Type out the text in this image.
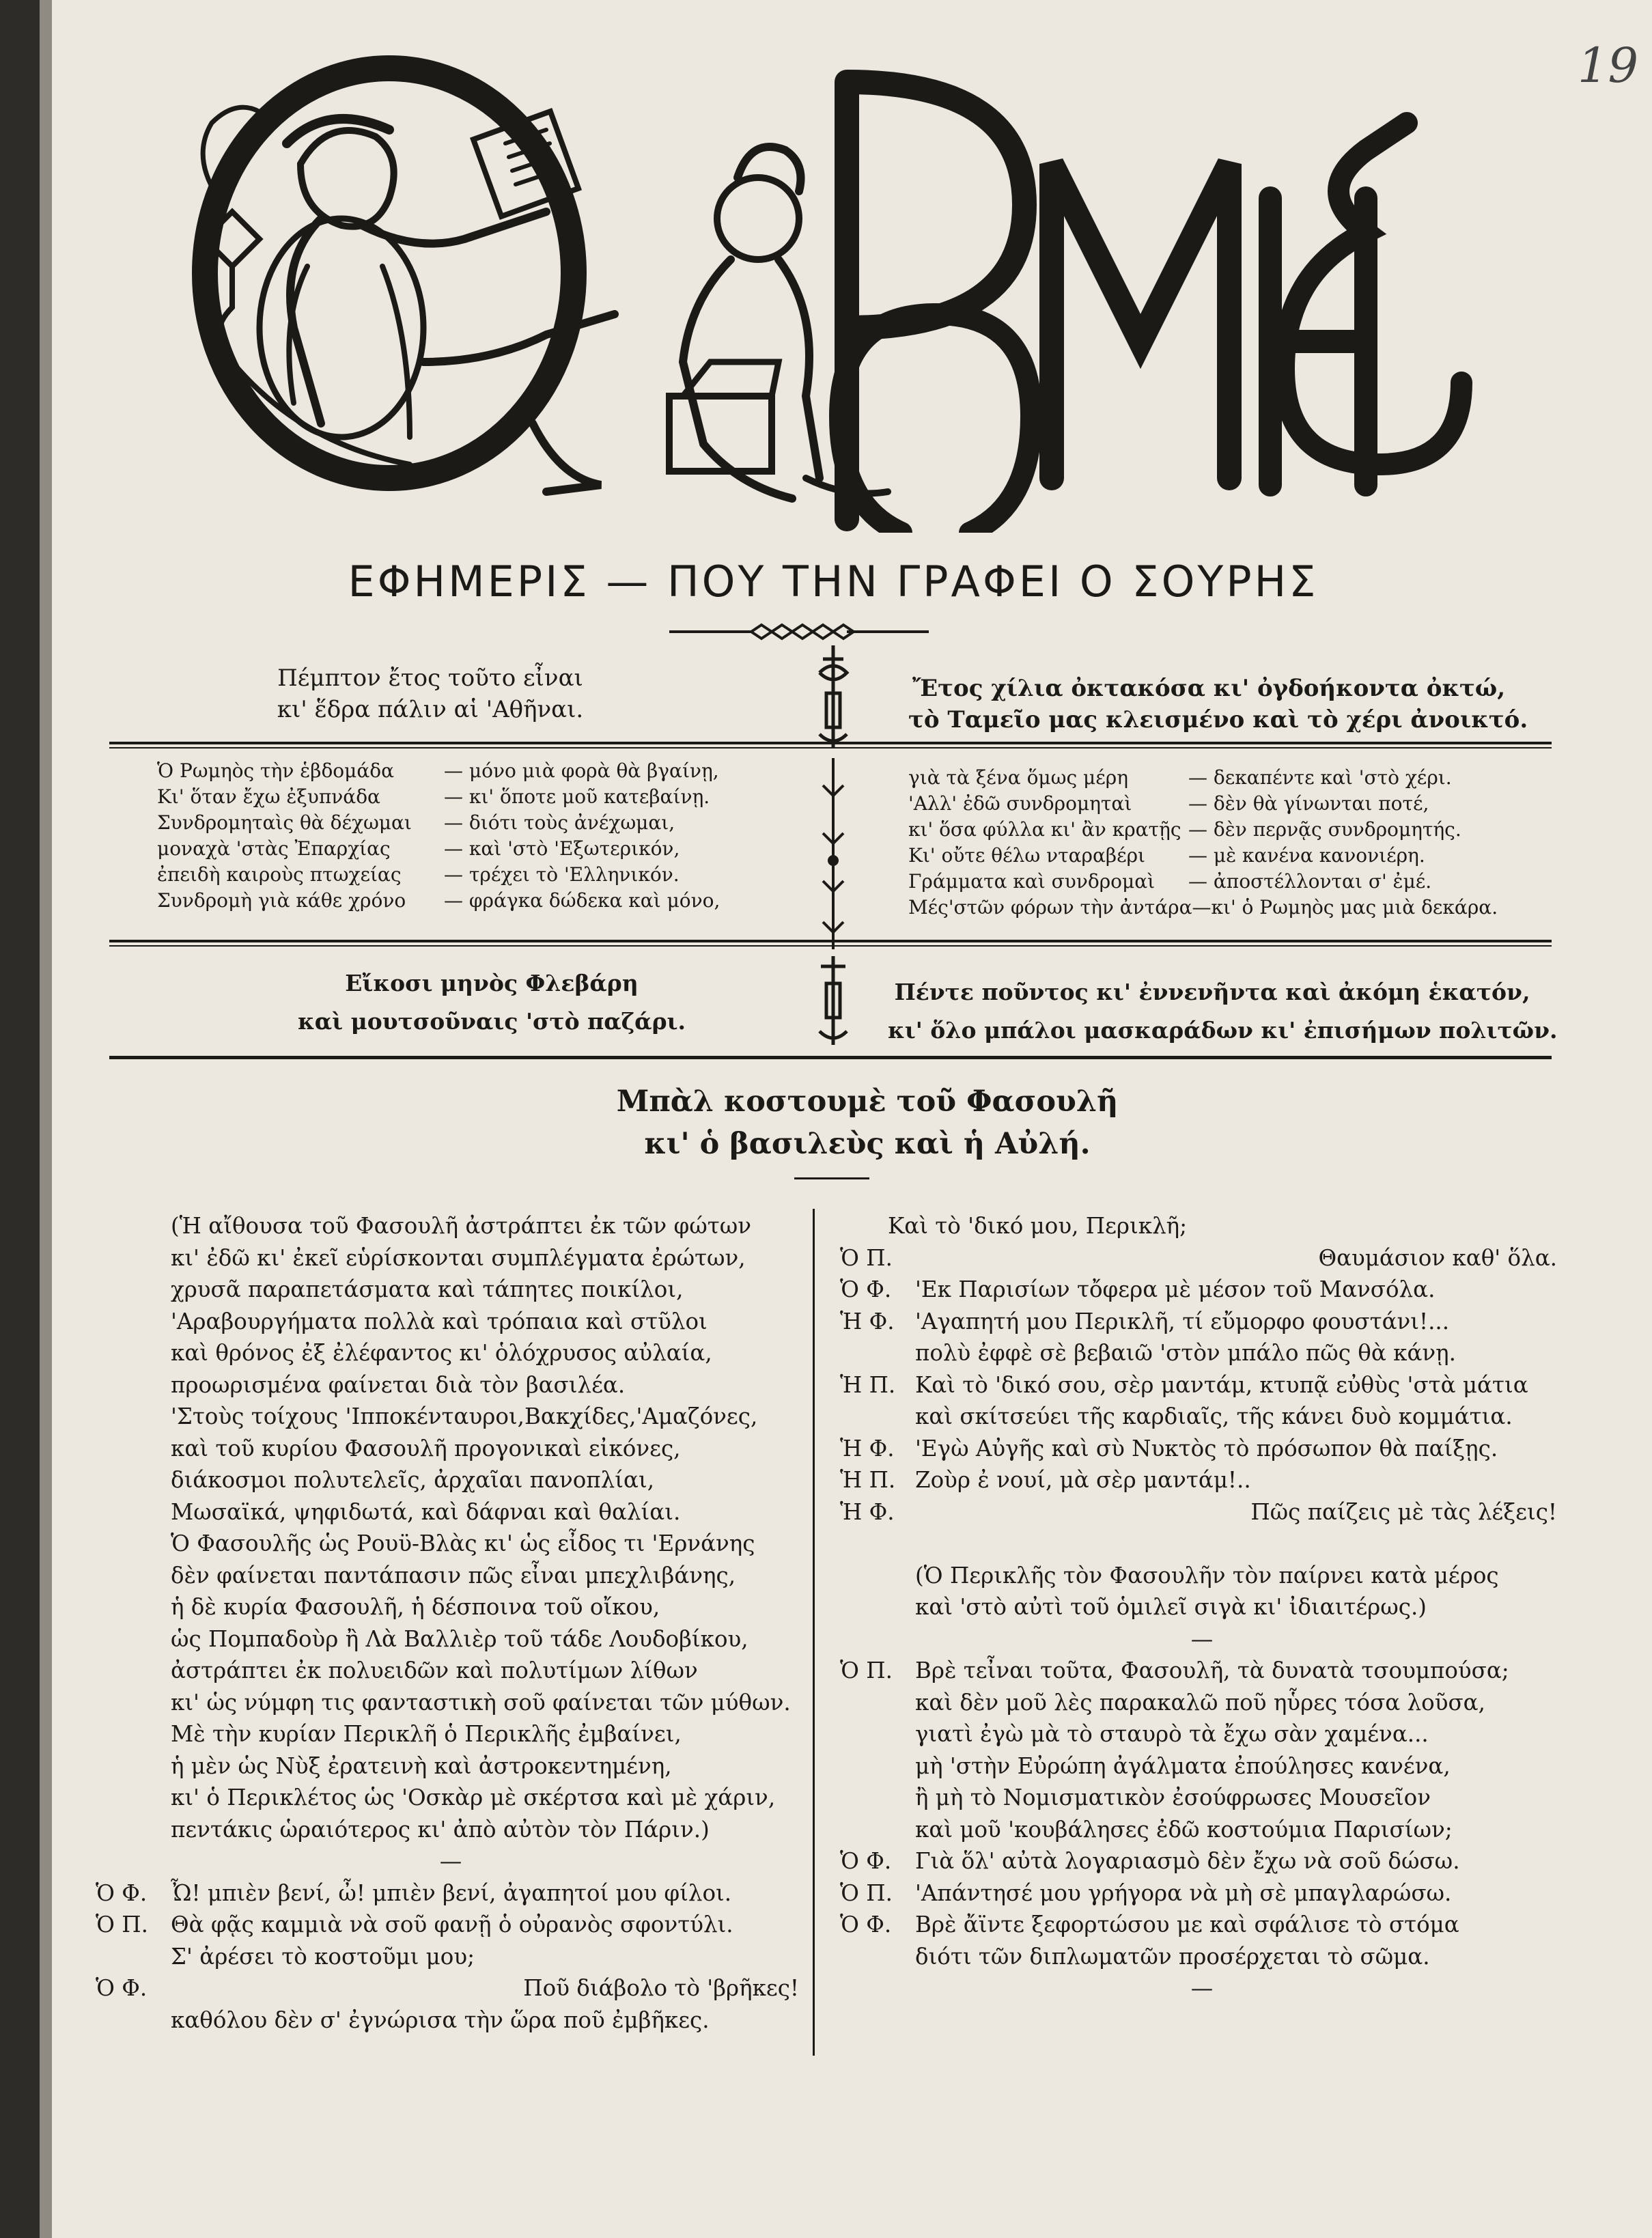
19
ΕΦΗΜΕΡΙΣ — ΠΟΥ ΤΗΝ ΓΡΑΦΕΙ Ο ΣΟΥΡΗΣ
Πέμπτον ἔτος τοῦτο εἶναι
κι' ἕδρα πάλιν αἱ 'Αθῆναι.
Ἔτος χίλια ὀκτακόσα κι' ὀγδοήκοντα ὀκτώ,
τὸ Ταμεῖο μας κλεισμένο καὶ τὸ χέρι ἀνοικτό.
Ὁ Ρωμηὸς τὴν ἑβδομάδα	— μόνο μιὰ φορὰ θὰ βγαίνῃ,
Κι' ὅταν ἔχω ἐξυπνάδα	— κι' ὅποτε μοῦ κατεβαίνῃ.
Συνδρομηταὶς θὰ δέχωμαι — διότι τοὺς ἀνέχωμαι,
μοναχὰ 'στὰς Ἐπαρχίας	— καὶ 'στὸ 'Εξωτερικόν,
ἐπειδὴ καιροὺς πτωχείας — τρέχει τὸ 'Ελληνικόν.
Συνδρομὴ γιὰ κάθε χρόνο — φράγκα δώδεκα καὶ μόνο,
γιὰ τὰ ξένα ὅμως μέρη	— δεκαπέντε καὶ 'στὸ χέρι.
'Αλλ' ἐδῶ συνδρομηταὶ	— δὲν θὰ γίνωνται ποτέ,
κι' ὅσα φύλλα κι' ἂν κρατῇς — δὲν περνᾷς συνδρομητής.
Κι' οὔτε θέλω νταραβέρι — μὲ κανένα κανονιέρη.
Γράμματα καὶ συνδρομαὶ — ἀποστέλλονται σ' ἐμέ.
Μές'στῶν φόρων τὴν ἀντάρα—κι' ὁ Ρωμηὸς μας μιὰ δεκάρα.
Εἴκοσι μηνὸς Φλεβάρη
καὶ μουτσοῦναις 'στὸ παζάρι.
Πέντε ποῦντος κι' ἐννενῆντα καὶ ἀκόμη ἑκατόν,
κι' ὅλο μπάλοι μασκαράδων κι' ἐπισήμων πολιτῶν.
Μπὰλ κοστουμὲ τοῦ Φασουλῆ
κι' ὁ βασιλεὺς καὶ ἡ Αὐλή.
(Ἡ αἴθουσα τοῦ Φασουλῆ ἀστράπτει ἐκ τῶν φώτων
κι' ἐδῶ κι' ἐκεῖ εὑρίσκονται συμπλέγματα ἐρώτων,
χρυσᾶ παραπετάσματα καὶ τάπητες ποικίλοι,
'Αραβουργήματα πολλὰ καὶ τρόπαια καὶ στῦλοι
καὶ θρόνος ἐξ ἐλέφαντος κι' ὁλόχρυσος αὐλαία,
προωρισμένα φαίνεται διὰ τὸν βασιλέα.
'Στοὺς τοίχους 'Ιπποκένταυροι,Βακχίδες,'Αμαζόνες,
καὶ τοῦ κυρίου Φασουλῆ προγονικαὶ εἰκόνες,
διάκοσμοι πολυτελεῖς, ἀρχαῖαι πανοπλίαι,
Μωσαϊκά, ψηφιδωτά, καὶ δάφναι καὶ θαλίαι.
Ὁ Φασουλῆς ὡς Ρουϋ-Βλὰς κι' ὡς εἶδος τι 'Ερνάνης
δὲν φαίνεται παντάπασιν πῶς εἶναι μπεχλιβάνης,
ἡ δὲ κυρία Φασουλῆ, ἡ δέσποινα τοῦ οἴκου,
ὡς Πομπαδοὺρ ἢ Λὰ Βαλλιὲρ τοῦ τάδε Λουδοβίκου,
ἀστράπτει ἐκ πολυειδῶν καὶ πολυτίμων λίθων
κι' ὡς νύμφη τις φανταστικὴ σοῦ φαίνεται τῶν μύθων.
Μὲ τὴν κυρίαν Περικλῆ ὁ Περικλῆς ἐμβαίνει,
ἡ μὲν ὡς Νὺξ ἐρατεινὴ καὶ ἀστροκεντημένη,
κι' ὁ Περικλέτος ὡς 'Οσκὰρ μὲ σκέρτσα καὶ μὲ χάριν,
πεντάκις ὡραιότερος κι' ἀπὸ αὐτὸν τὸν Πάριν.)
—
Ὁ Φ. Ὦ! μπιὲν βενί, ὦ! μπιὲν βενί, ἀγαπητοί μου φίλοι.
Ὁ Π. Θὰ φᾷς καμμιὰ νὰ σοῦ φανῇ ὁ οὐρανὸς σφοντύλι.
Σ' ἀρέσει τὸ κοστοῦμι μου;
Ὁ Φ.	Ποῦ διάβολο τὸ 'βρῆκες!
καθόλου δὲν σ' ἐγνώρισα τὴν ὥρα ποῦ ἐμβῆκες.
Καὶ τὸ 'δικό μου, Περικλῆ;
Ὁ Π.	Θαυμάσιον καθ' ὅλα.
Ὁ Φ. 'Εκ Παρισίων τὄφερα μὲ μέσον τοῦ Μανσόλα.
Ἡ Φ. 'Αγαπητή μου Περικλῆ, τί εὔμορφο φουστάνι!...
πολὺ ἐφφὲ σὲ βεβαιῶ 'στὸν μπάλο πῶς θὰ κάνῃ.
Ἡ Π. Καὶ τὸ 'δικό σου, σὲρ μαντάμ, κτυπᾷ εὐθὺς 'στὰ μάτια
καὶ σκίτσεύει τῆς καρδιαῖς, τῆς κάνει δυὸ κομμάτια.
Ἡ Φ. 'Εγὼ Αὐγῆς καὶ σὺ Νυκτὸς τὸ πρόσωπον θὰ παίξῃς.
Ἡ Π. Ζοὺρ ἐ νουί, μὰ σὲρ μαντάμ!..
Ἡ Φ.	Πῶς παίζεις μὲ τὰς λέξεις!
(Ὁ Περικλῆς τὸν Φασουλῆν τὸν παίρνει κατὰ μέρος
καὶ 'στὸ αὐτὶ τοῦ ὁμιλεῖ σιγὰ κι' ἰδιαιτέρως.)
—
Ὁ Π. Βρὲ τεἶναι τοῦτα, Φασουλῆ, τὰ δυνατὰ τσουμπούσα;
καὶ δὲν μοῦ λὲς παρακαλῶ ποῦ ηὗρες τόσα λοῦσα,
γιατὶ ἐγὼ μὰ τὸ σταυρὸ τὰ ἔχω σὰν χαμένα...
μὴ 'στὴν Εὐρώπη ἀγάλματα ἐπούλησες κανένα,
ἢ μὴ τὸ Νομισματικὸν ἐσούφρωσες Μουσεῖον
καὶ μοῦ 'κουβάλησες ἐδῶ κοστούμια Παρισίων;
Ὁ Φ. Γιὰ ὅλ' αὐτὰ λογαριασμὸ δὲν ἔχω νὰ σοῦ δώσω.
Ὁ Π. 'Απάντησέ μου γρήγορα νὰ μὴ σὲ μπαγλαρώσω.
Ὁ Φ. Βρὲ ἄϊντε ξεφορτώσου με καὶ σφάλισε τὸ στόμα
διότι τῶν διπλωματῶν προσέρχεται τὸ σῶμα.
—
